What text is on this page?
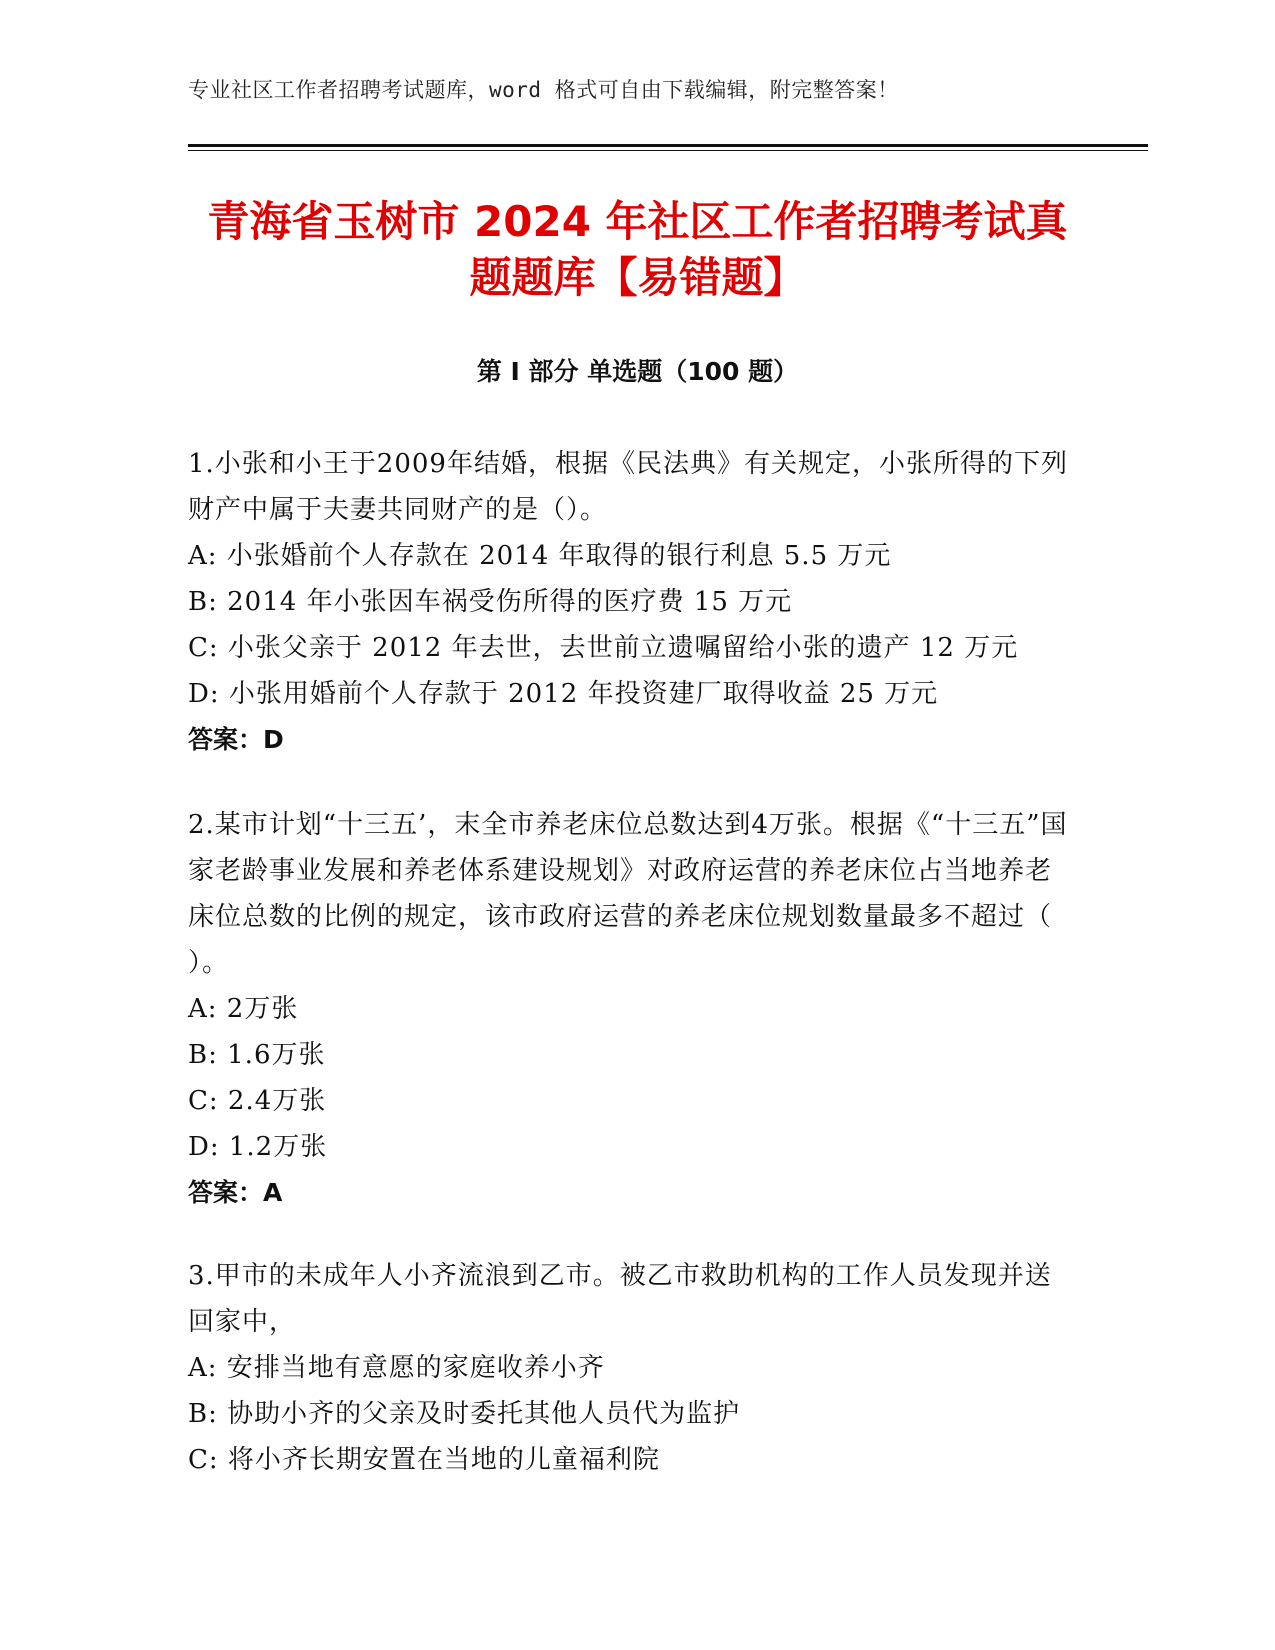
专业社区工作者招聘考试题库，word 格式可自由下载编辑，附完整答案！
青海省玉树市 2024 年社区工作者招聘考试真
题题库【易错题】
第 I 部分 单选题（100 题）
1.小张和小王于2009年结婚，根据《民法典》有关规定，小张所得的下列财产中属于夫妻共同财产的是（）。
A: 小张婚前个人存款在 2014 年取得的银行利息 5.5 万元
B: 2014 年小张因车祸受伤所得的医疗费 15 万元
C: 小张父亲于 2012 年去世，去世前立遗嘱留给小张的遗产 12 万元
D: 小张用婚前个人存款于 2012 年投资建厂取得收益 25 万元
答案：D
2.某市计划“十三五’，末全市养老床位总数达到4万张。根据《“十三五”国家老龄事业发展和养老体系建设规划》对政府运营的养老床位占当地养老床位总数的比例的规定，该市政府运营的养老床位规划数量最多不超过（ ）。
A: 2万张
B: 1.6万张
C: 2.4万张
D: 1.2万张
答案：A
3.甲市的未成年人小齐流浪到乙市。被乙市救助机构的工作人员发现并送回家中，
A: 安排当地有意愿的家庭收养小齐
B: 协助小齐的父亲及时委托其他人员代为监护
C: 将小齐长期安置在当地的儿童福利院
